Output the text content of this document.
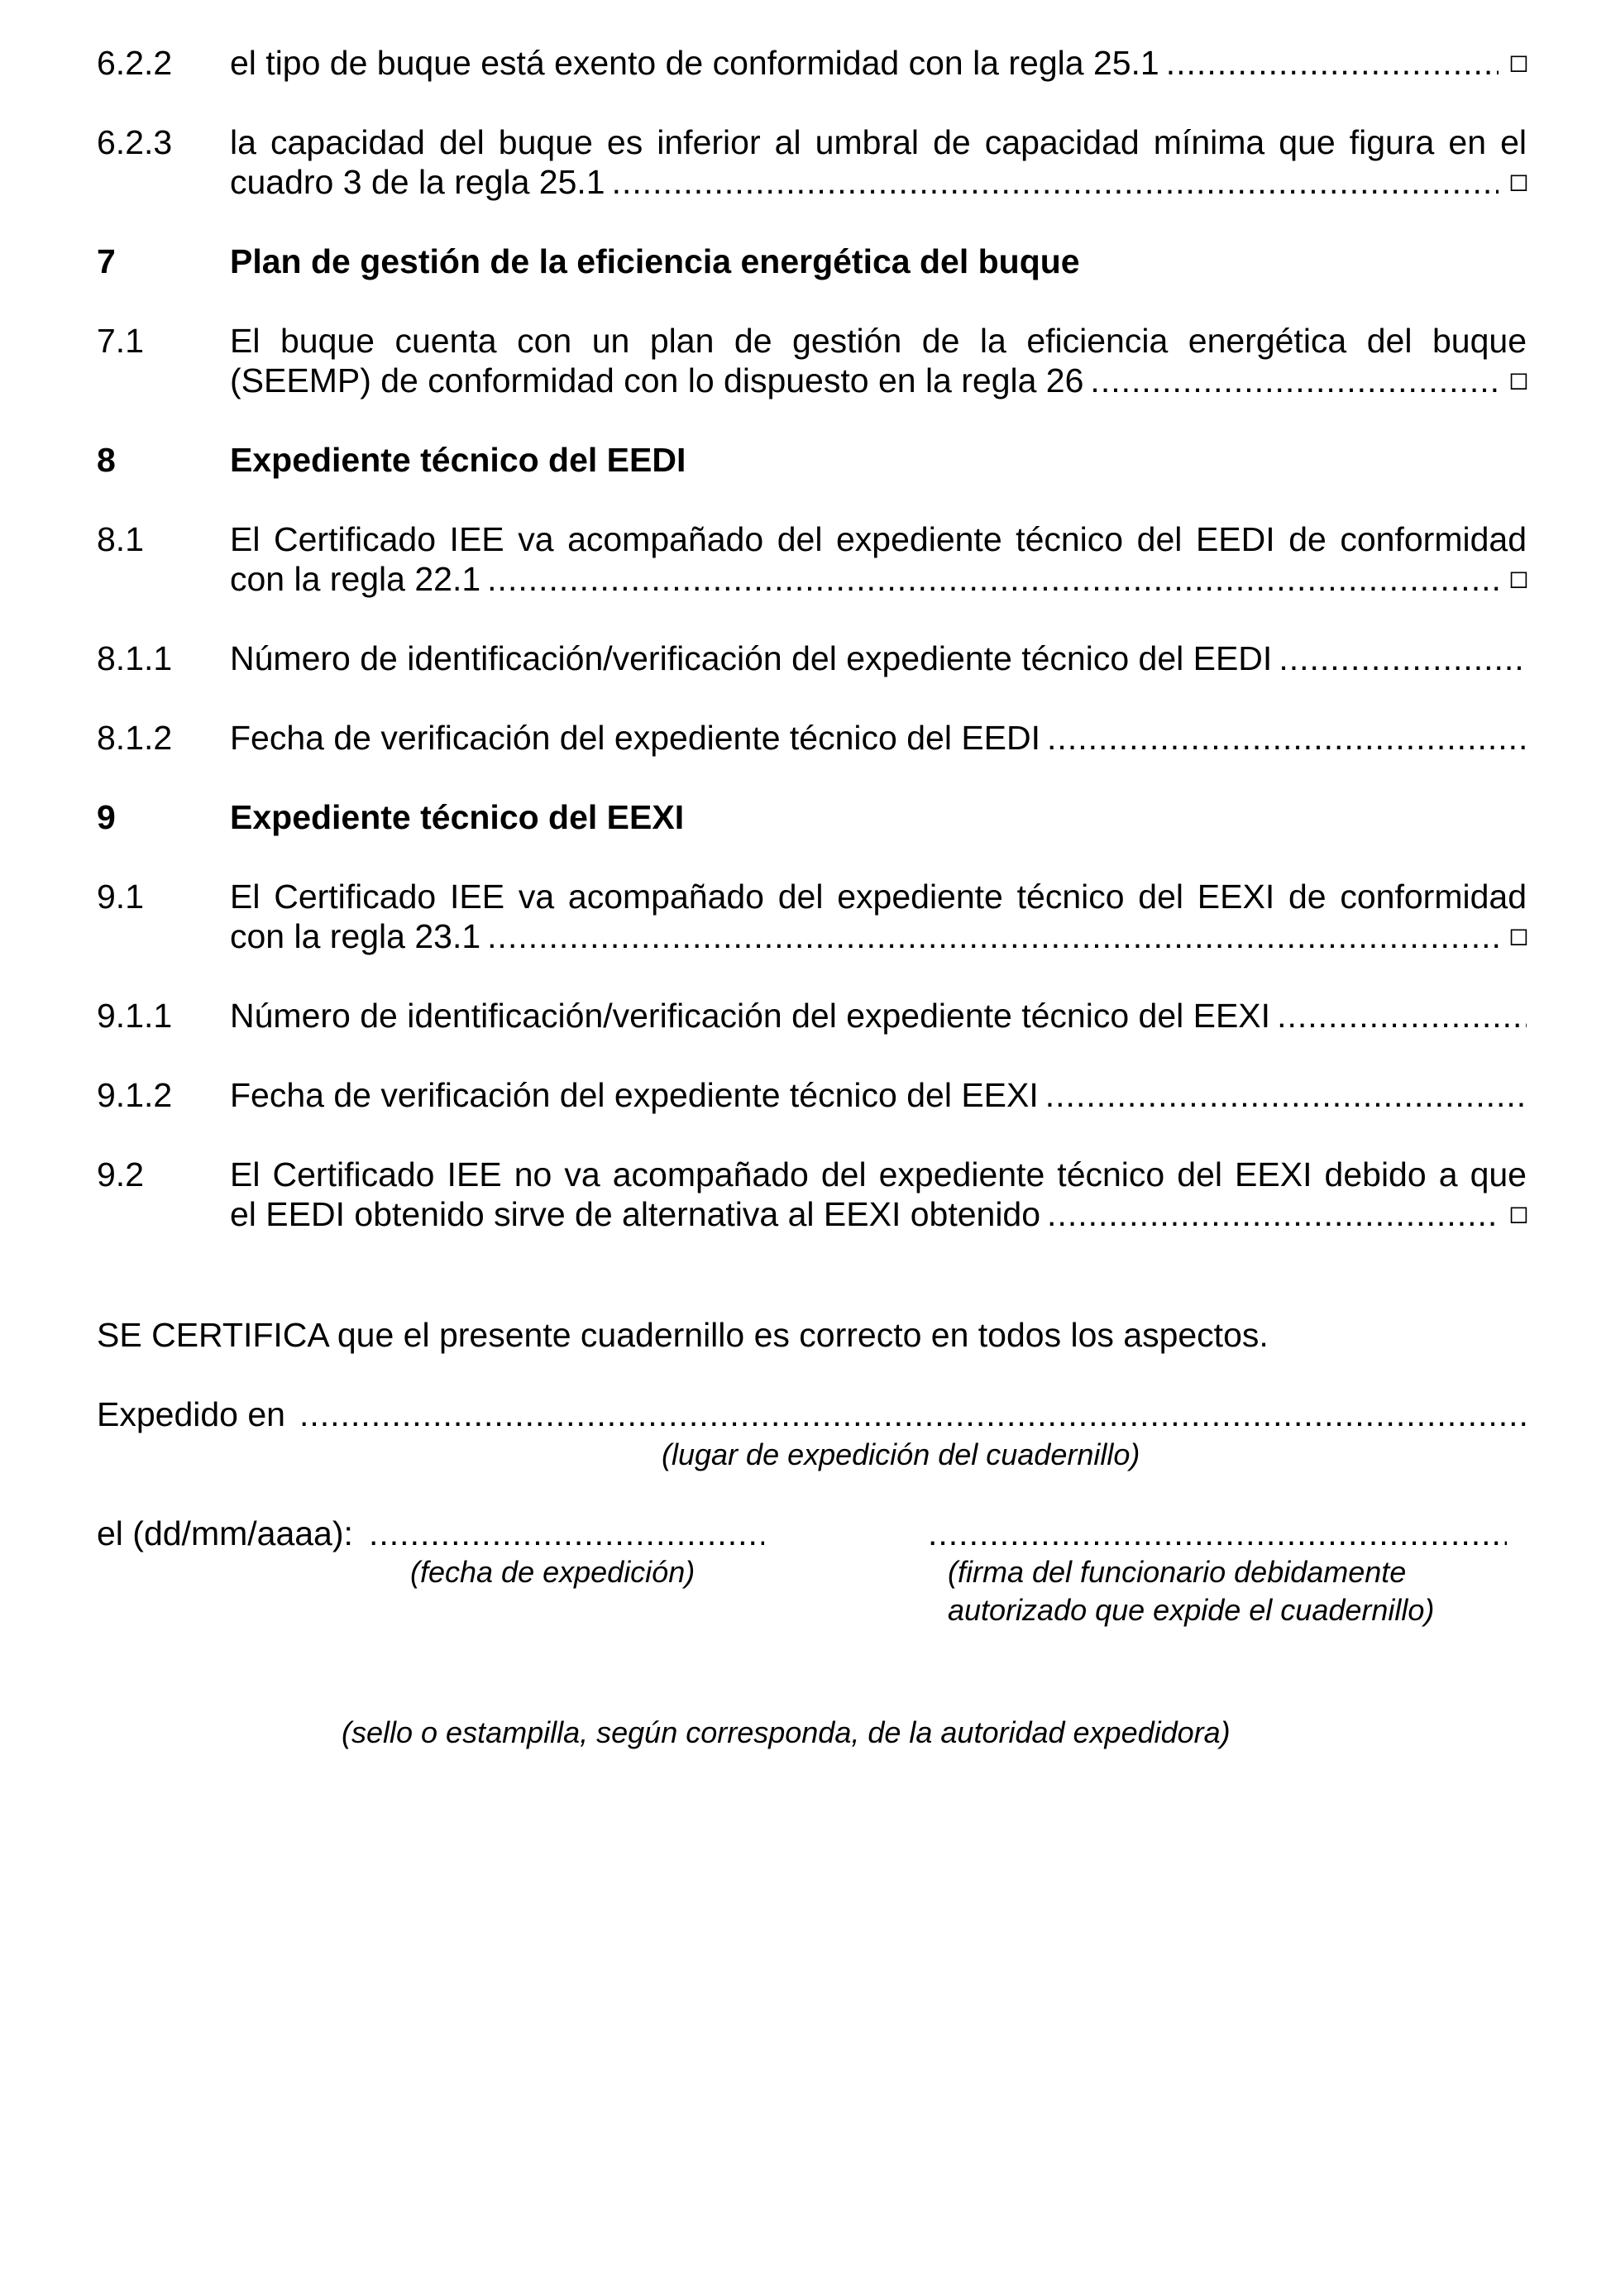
6.2.2 el tipo de buque está exento de conformidad con la regla 25.1 .....	◻
6.2.3 la capacidad del buque es inferior al umbral de capacidad mínima que figura en el
cuadro 3 de la regla 25.1 .....	◻
7	Plan de gestión de la eficiencia energética del buque
7.1	El buque cuenta con un plan de gestión de la eficiencia energética del buque
(SEEMP) de conformidad con lo dispuesto en la regla 26 .....	◻
8	Expediente técnico del EEDI
8.1	El Certificado IEE va acompañado del expediente técnico del EEDI de conformidad
con la regla 22.1 .....	◻
8.1.1 Número de identificación/verificación del expediente técnico del EEDI
.....
8.1.2 Fecha de verificación del expediente técnico del EEDI
.....
9	Expediente técnico del EEXI
9.1	El Certificado IEE va acompañado del expediente técnico del EEXI de conformidad
con la regla 23.1 .....	◻
9.1.1 Número de identificación/verificación del expediente técnico del EEXI
.....
9.1.2 Fecha de verificación del expediente técnico del EEXI
.....
9.2	El Certificado IEE no va acompañado del expediente técnico del EEXI debido a que
el EEDI obtenido sirve de alternativa al EEXI obtenido .....	◻
SE CERTIFICA que el presente cuadernillo es correcto en todos los aspectos.
Expedido en
.....
(lugar de expedición del cuadernillo)
el (dd/mm/aaaa):
.....
.....
(fecha de expedición)	(firma del funcionario debidamente
autorizado que expide el cuadernillo)
(sello o estampilla, según corresponda, de la autoridad expedidora)
